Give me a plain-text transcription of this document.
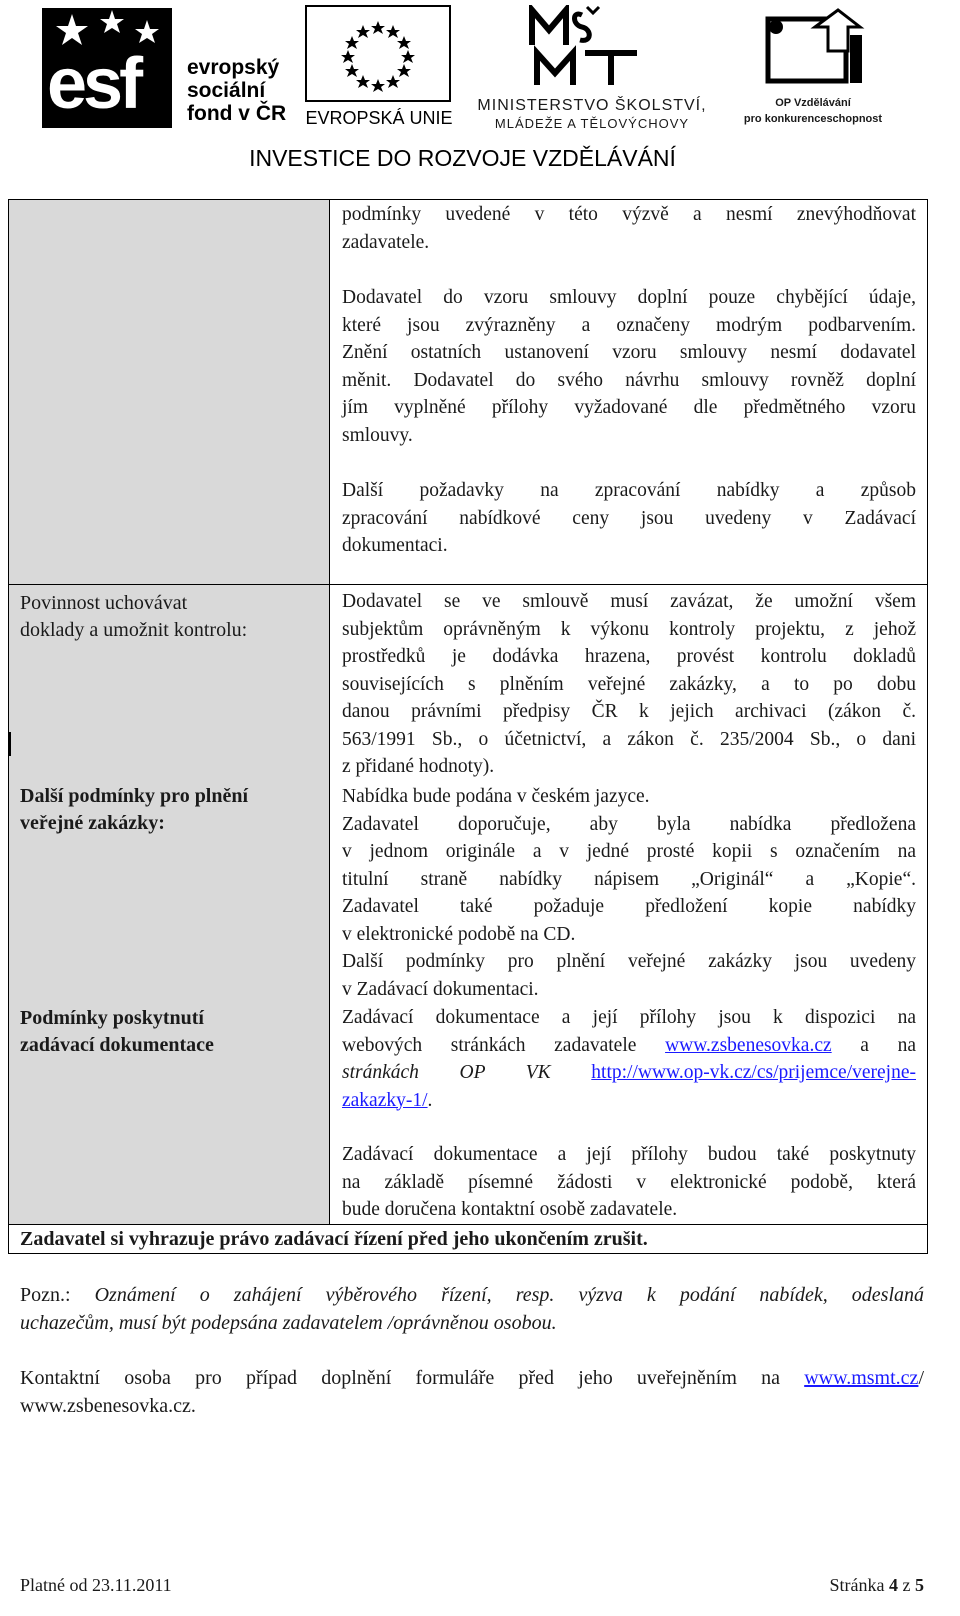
esf evropský
sociální
fond v ČR EVROPSKÁ UNIE
MINISTERSTVO ŠKOLSTVÍ,
MLÁDEŽE A TĚLOVÝCHOVY
OP Vzdělávání
pro konkurenceschopnost
INVESTICE DO ROZVOJE VZDĚLÁVÁNÍ
podmínky uvedené v této výzvě a nesmí znevýhodňovat
zadavatele.
Dodavatel do vzoru smlouvy doplní pouze chybějící údaje,
které jsou zvýrazněny a označeny modrým podbarvením.
Znění ostatních ustanovení vzoru smlouvy nesmí dodavatel
měnit. Dodavatel do svého návrhu smlouvy rovněž doplní
jím vyplněné přílohy vyžadované dle předmětného vzoru
smlouvy.
Další požadavky na zpracování nabídky a způsob
zpracování nabídkové ceny jsou uvedeny v Zadávací
dokumentaci.
Povinnost uchovávat
doklady a umožnit kontrolu:
Dodavatel se ve smlouvě musí zavázat, že umožní všem
subjektům oprávněným k výkonu kontroly projektu, z jehož
prostředků je dodávka hrazena, provést kontrolu dokladů
souvisejících s plněním veřejné zakázky, a to po dobu
danou právními předpisy ČR k jejich archivaci (zákon č.
563/1991 Sb., o účetnictví, a zákon č. 235/2004 Sb., o dani
z přidané hodnoty).
Další podmínky pro plnění
veřejné zakázky:
Nabídka bude podána v českém jazyce.
Zadavatel doporučuje, aby byla nabídka předložena
v jednom originále a v jedné prosté kopii s označením na
titulní straně nabídky nápisem „Originál“ a „Kopie“.
Zadavatel také požaduje předložení kopie nabídky
v elektronické podobě na CD.
Další podmínky pro plnění veřejné zakázky jsou uvedeny
v Zadávací dokumentaci.
Podmínky poskytnutí
zadávací dokumentace
Zadávací dokumentace a její přílohy jsou k dispozici na
webových stránkách zadavatele www.zsbenesovka.cz a na
stránkách OP VK http://www.op-vk.cz/cs/prijemce/verejne-
zakazky-1/.
Zadávací dokumentace a její přílohy budou také poskytnuty
na základě písemné žádosti v elektronické podobě, která
bude doručena kontaktní osobě zadavatele.
Zadavatel si vyhrazuje právo zadávací řízení před jeho ukončením zrušit.
Pozn.: Oznámení o zahájení výběrového řízení, resp. výzva k podání nabídek, odeslaná
uchazečům, musí být podepsána zadavatelem /oprávněnou osobou.
Kontaktní osoba pro případ doplnění formuláře před jeho uveřejněním na www.msmt.cz/
www.zsbenesovka.cz.
Platné od 23.11.2011	Stránka 4 z 5
